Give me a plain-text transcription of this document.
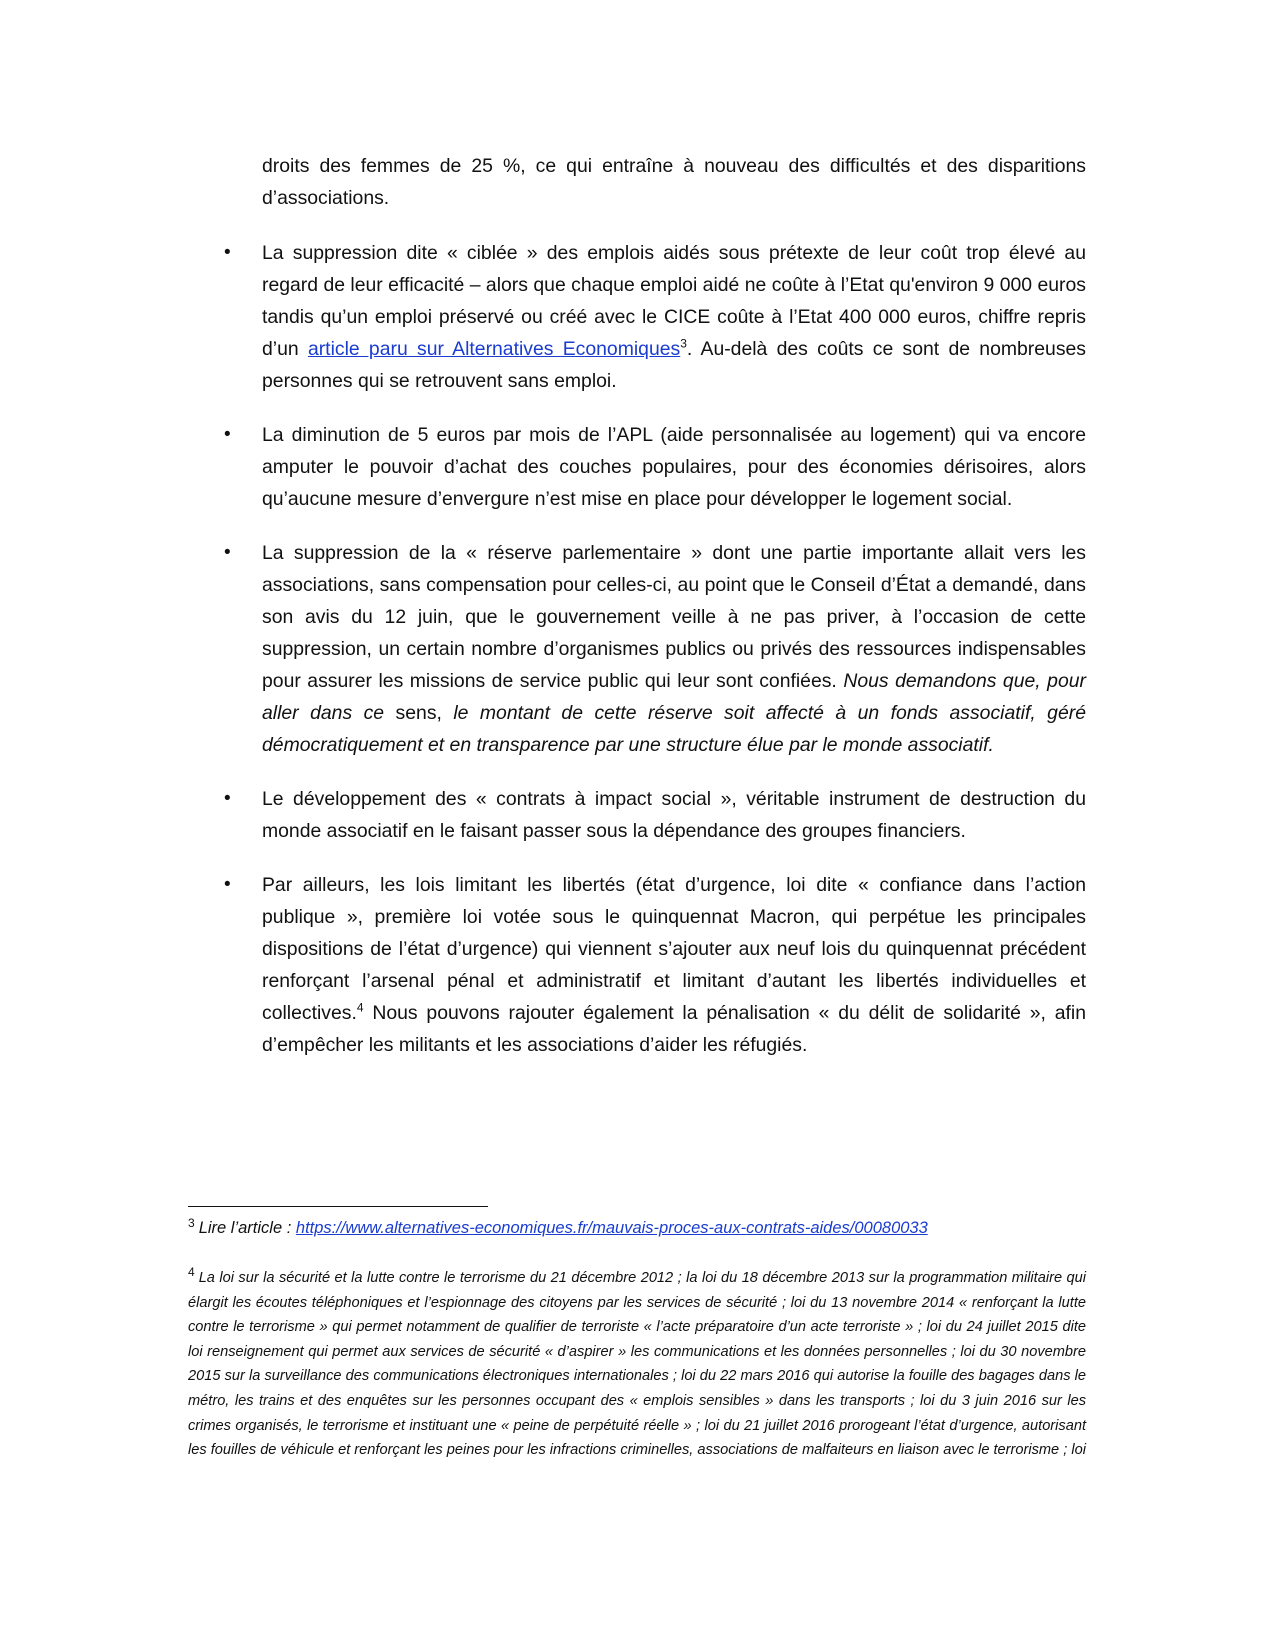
droits des femmes de 25 %, ce qui entraîne à nouveau des difficultés et des disparitions d’associations.

• La suppression dite « ciblée » des emplois aidés sous prétexte de leur coût trop élevé au regard de leur efficacité – alors que chaque emploi aidé ne coûte à l’Etat qu'environ 9 000 euros tandis qu’un emploi préservé ou créé avec le CICE coûte à l’Etat 400 000 euros, chiffre repris d’un article paru sur Alternatives Economiques$^3$. Au-delà des coûts ce sont de nombreuses personnes qui se retrouvent sans emploi.
• La diminution de 5 euros par mois de l’APL (aide personnalisée au logement) qui va encore amputer le pouvoir d’achat des couches populaires, pour des économies dérisoires, alors qu’aucune mesure d’envergure n’est mise en place pour développer le logement social.
• La suppression de la « réserve parlementaire » dont une partie importante allait vers les associations, sans compensation pour celles-ci, au point que le Conseil d’État a demandé, dans son avis du 12 juin, que le gouvernement veille à ne pas priver, à l’occasion de cette suppression, un certain nombre d’organismes publics ou privés des ressources indispensables pour assurer les missions de service public qui leur sont confiées. Nous demandons que, pour aller dans ce sens, le montant de cette réserve soit affecté à un fonds associatif, géré démocratiquement et en transparence par une structure élue par le monde associatif.
• Le développement des « contrats à impact social », véritable instrument de destruction du monde associatif en le faisant passer sous la dépendance des groupes financiers.
• Par ailleurs, les lois limitant les libertés (état d’urgence, loi dite « confiance dans l’action publique », première loi votée sous le quinquennat Macron, qui perpétue les principales dispositions de l’état d’urgence) qui viennent s’ajouter aux neuf lois du quinquennat précédent renforçant l’arsenal pénal et administratif et limitant d’autant les libertés individuelles et collectives.$^4$ Nous pouvons rajouter également la pénalisation « du délit de solidarité », afin d’empêcher les militants et les associations d’aider les réfugiés.

$^3$ Lire l’article : https://www.alternatives-economiques.fr/mauvais-proces-aux-contrats-aides/00080033

$^4$ La loi sur la sécurité et la lutte contre le terrorisme du 21 décembre 2012 ; la loi du 18 décembre 2013 sur la programmation militaire qui élargit les écoutes téléphoniques et l’espionnage des citoyens par les services de sécurité ; loi du 13 novembre 2014 « renforçant la lutte contre le terrorisme » qui permet notamment de qualifier de terroriste « l’acte préparatoire d’un acte terroriste » ; loi du 24 juillet 2015 dite loi renseignement qui permet aux services de sécurité « d’aspirer » les communications et les données personnelles ; loi du 30 novembre 2015 sur la surveillance des communications électroniques internationales ; loi du 22 mars 2016 qui autorise la fouille des bagages dans le métro, les trains et des enquêtes sur les personnes occupant des « emplois sensibles » dans les transports ; loi du 3 juin 2016 sur les crimes organisés, le terrorisme et instituant une « peine de perpétuité réelle » ; loi du 21 juillet 2016 prorogeant l’état d’urgence, autorisant les fouilles de véhicule et renforçant les peines pour les infractions criminelles, associations de malfaiteurs en liaison avec le terrorisme ; loi
